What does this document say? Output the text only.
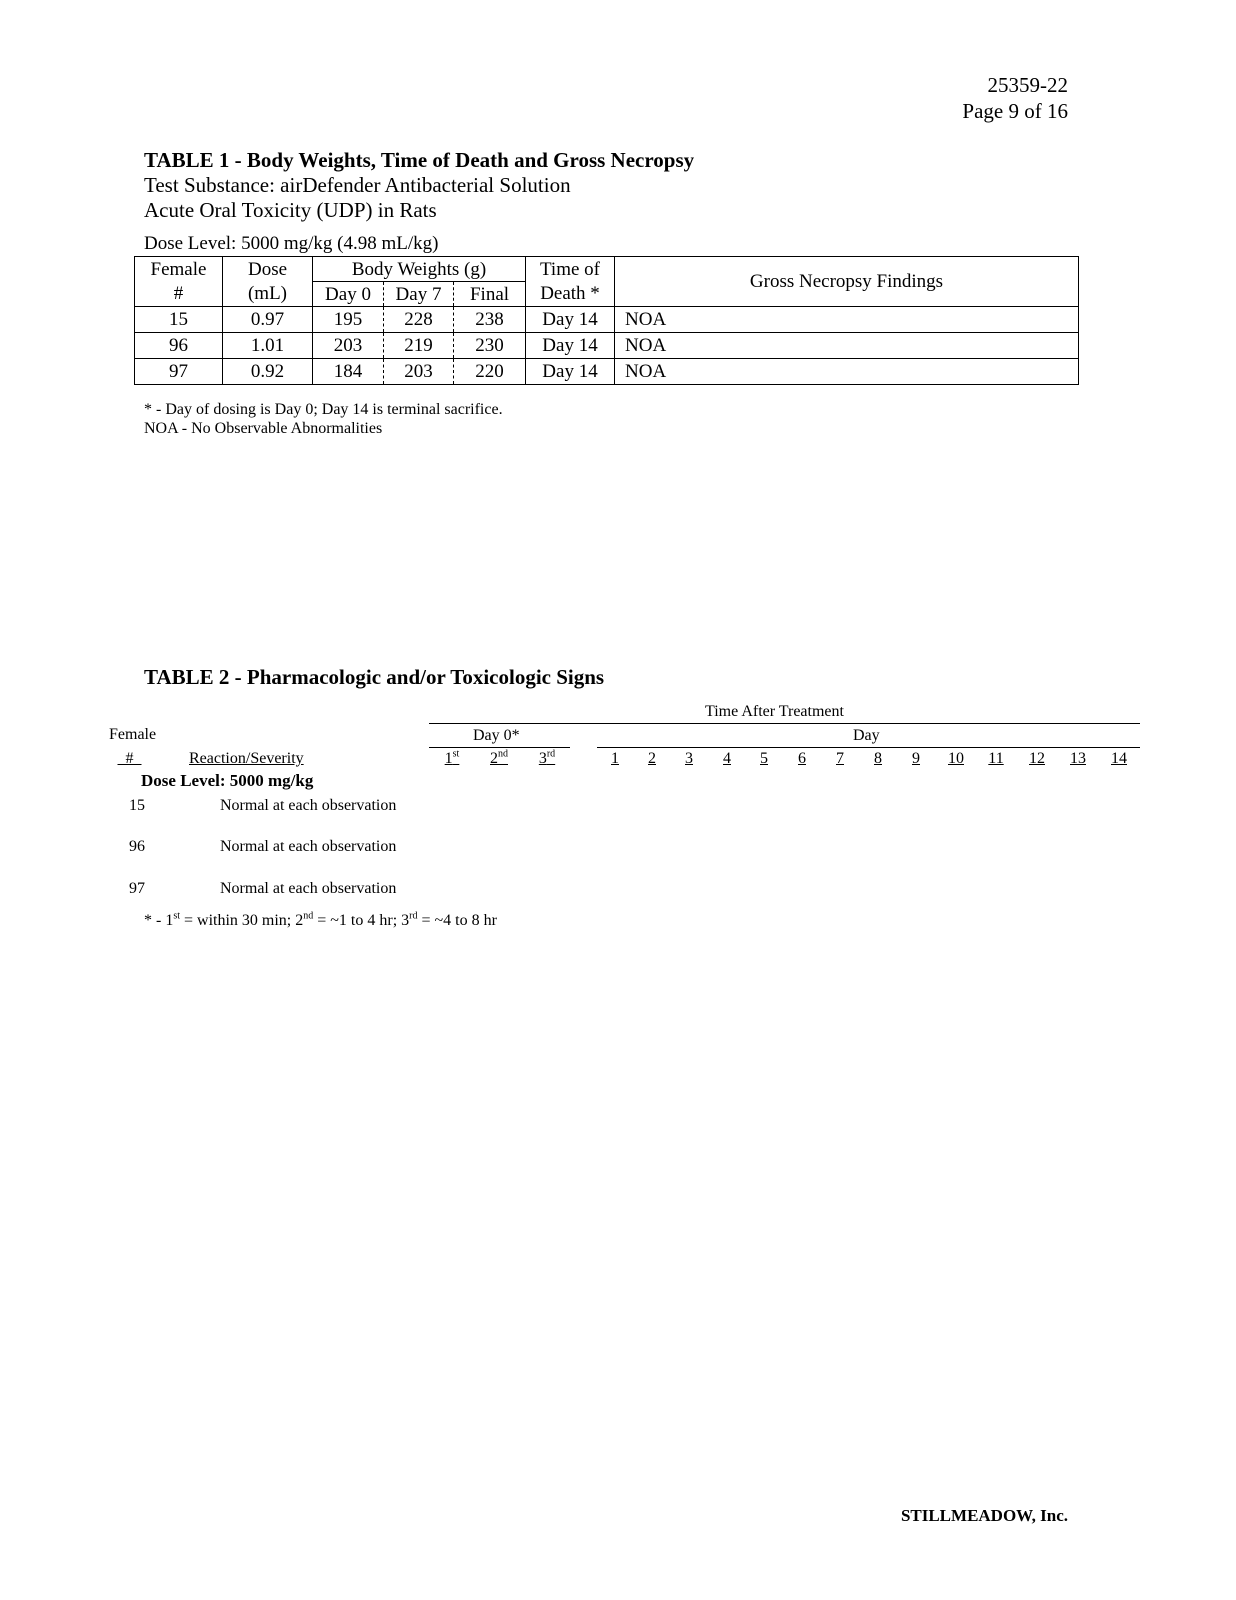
25359-22
Page 9 of 16
TABLE 1 - Body Weights, Time of Death and Gross Necropsy
Test Substance: airDefender Antibacterial Solution
Acute Oral Toxicity (UDP) in Rats
Dose Level: 5000 mg/kg (4.98 mL/kg)
Female	Dose	Body Weights (g)			Time of	Gross Necropsy Findings
#	(mL)	Day 0	Day 7	Final	Death *	
15	0.97	195	228	238	Day 14	NOA
96	1.01	203	219	230	Day 14	NOA
97	0.92	184	203	220	Day 14	NOA
* - Day of dosing is Day 0; Day 14 is terminal sacrifice.
NOA - No Observable Abnormalities
TABLE 2 - Pharmacologic and/or Toxicologic Signs
Time After Treatment
Female	Day 0*	Day
#	Reaction/Severity	1st	2nd	3rd	1	2	3	4	5	6	7	8	9	10	11	12	13	14
Dose Level: 5000 mg/kg
15	Normal at each observation
96	Normal at each observation
97	Normal at each observation
* - 1st = within 30 min; 2nd = ~1 to 4 hr; 3rd = ~4 to 8 hr
STILLMEADOW, Inc.
